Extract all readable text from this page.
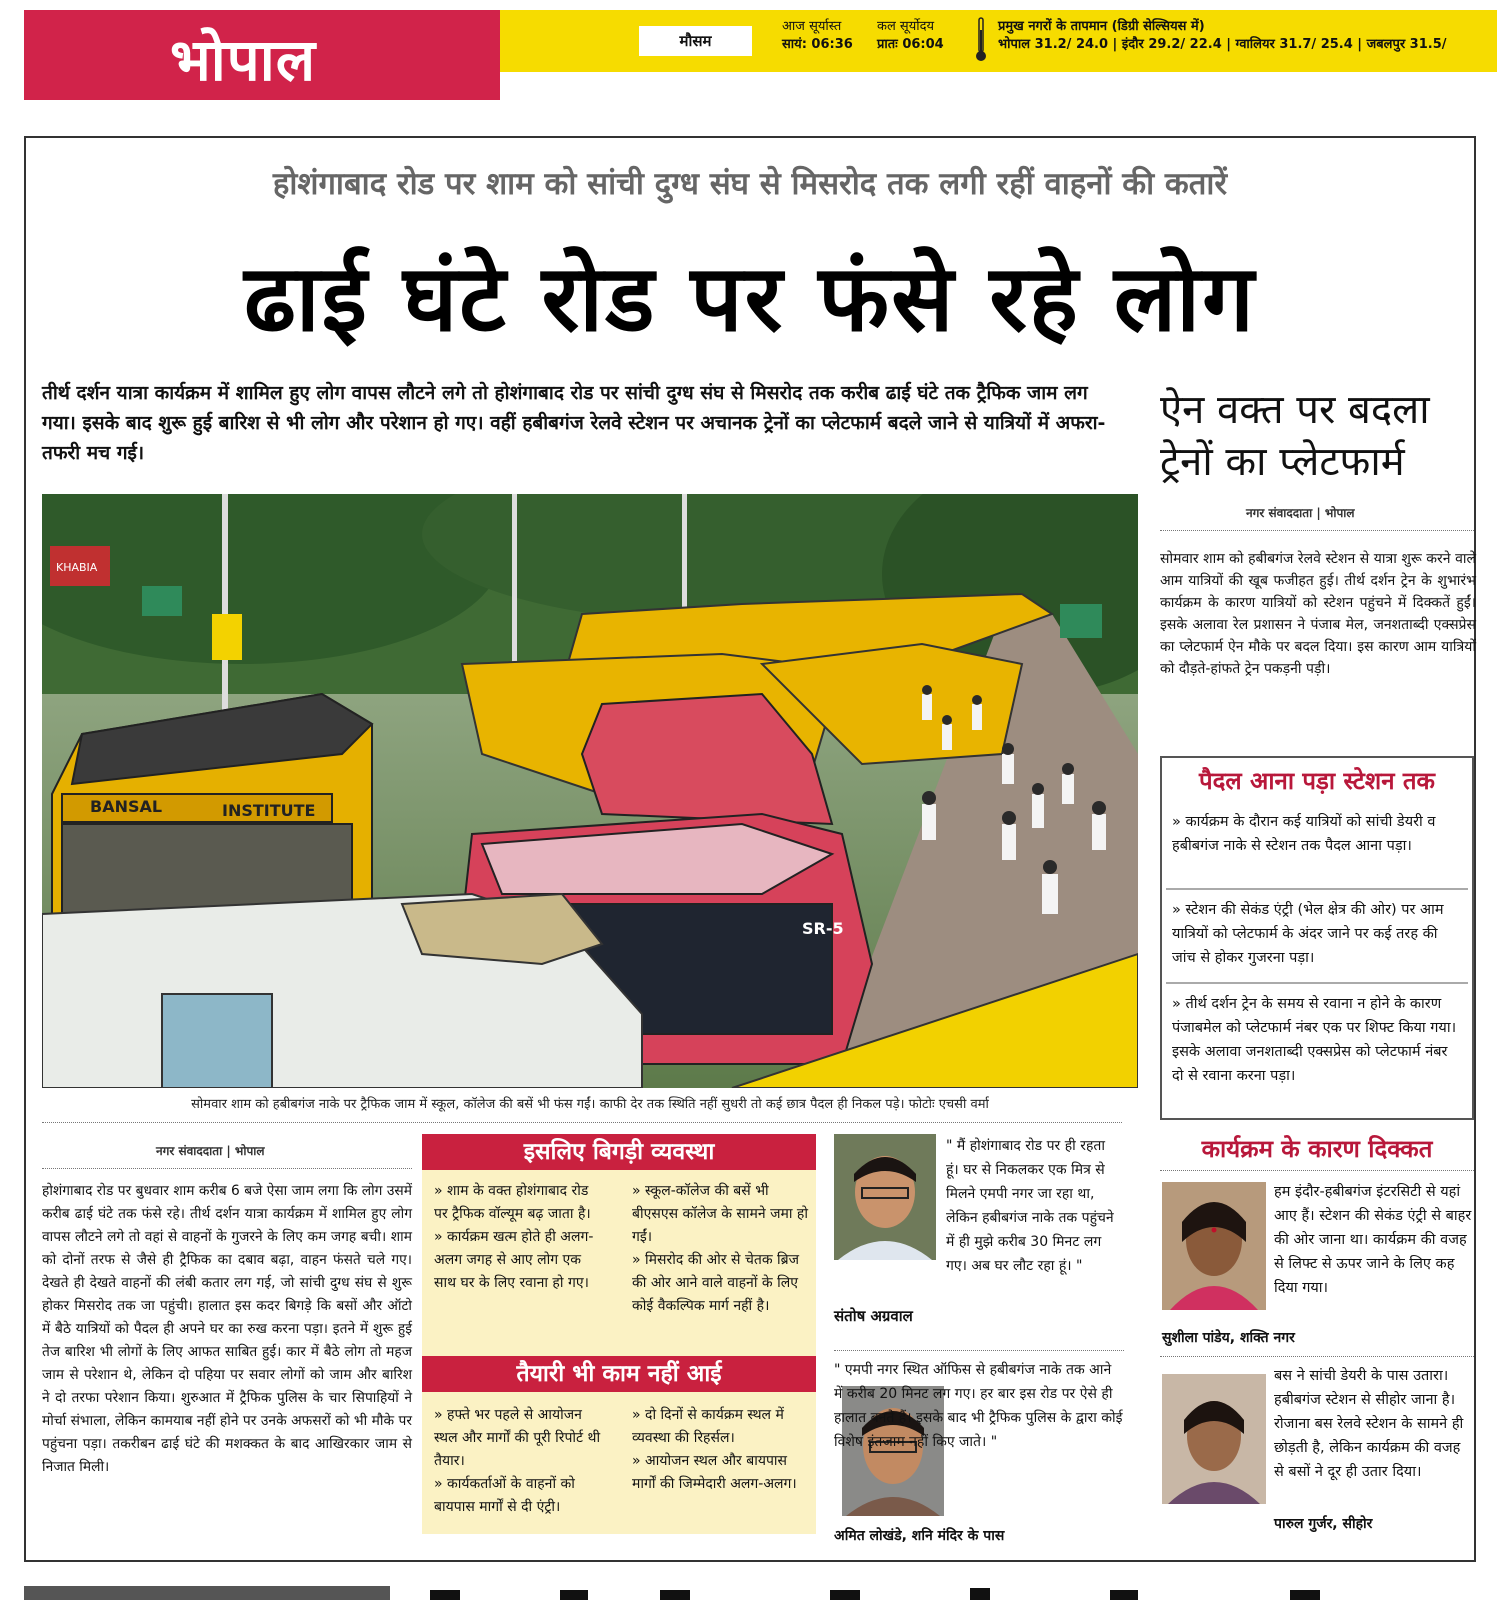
भोपाल	मौसम
आज सूर्यास्त
सायं: 06:36
कल सूर्योदय
प्रातः 06:04
प्रमुख नगरों के तापमान (डिग्री सेल्सियस में)
भोपाल 31.2/ 24.0 | इंदौर 29.2/ 22.4 | ग्वालियर 31.7/ 25.4 | जबलपुर 31.5/
होशंगाबाद रोड पर शाम को सांची दुग्ध संघ से मिसरोद तक लगी रहीं वाहनों की कतारें
ढाई घंटे रोड पर फंसे रहे लोग
तीर्थ दर्शन यात्रा कार्यक्रम में शामिल हुए लोग वापस लौटने लगे तो होशंगाबाद रोड पर सांची दुग्ध संघ से मिसरोद तक करीब ढाई घंटे तक ट्रैफिक जाम लग गया। इसके बाद शुरू हुई बारिश से भी लोग और परेशान हो गए। वहीं हबीबगंज रेलवे स्टेशन पर अचानक ट्रेनों का प्लेटफार्म बदले जाने से यात्रियों में अफरा-तफरी मच गई।
KHABIA
BANSAL	INSTITUTE
SR-5
सोमवार शाम को हबीबगंज नाके पर ट्रैफिक जाम में स्कूल, कॉलेज की बसें भी फंस गईं। काफी देर तक स्थिति नहीं सुधरी तो कई छात्र पैदल ही निकल पड़े। फोटोः एचसी वर्मा
ऐन वक्त पर बदला ट्रेनों का प्लेटफार्म
नगर संवाददाता | भोपाल
सोमवार शाम को हबीबगंज रेलवे स्टेशन से यात्रा शुरू करने वाले आम यात्रियों की खूब फजीहत हुई। तीर्थ दर्शन ट्रेन के शुभारंभ कार्यक्रम के कारण यात्रियों को स्टेशन पहुंचने में दिक्कतें हुईं। इसके अलावा रेल प्रशासन ने पंजाब मेल, जनशताब्दी एक्सप्रेस का प्लेटफार्म ऐन मौके पर बदल दिया। इस कारण आम यात्रियों को दौड़ते-हांफते ट्रेन पकड़नी पड़ी।
पैदल आना पड़ा स्टेशन तक
» कार्यक्रम के दौरान कई यात्रियों को सांची डेयरी व हबीबगंज नाके से स्टेशन तक पैदल आना पड़ा।
» स्टेशन की सेकंड एंट्री (भेल क्षेत्र की ओर) पर आम यात्रियों को प्लेटफार्म के अंदर जाने पर कई तरह की जांच से होकर गुजरना पड़ा।
» तीर्थ दर्शन ट्रेन के समय से रवाना न होने के कारण पंजाबमेल को प्लेटफार्म नंबर एक पर शिफ्ट किया गया। इसके अलावा जनशताब्दी एक्सप्रेस को प्लेटफार्म नंबर दो से रवाना करना पड़ा।
कार्यक्रम के कारण दिक्कत
हम इंदौर-हबीबगंज इंटरसिटी से यहां आए हैं। स्टेशन की सेकंड एंट्री से बाहर की ओर जाना था। कार्यक्रम की वजह से लिफ्ट से ऊपर जाने के लिए कह दिया गया।
सुशीला पांडेय, शक्ति नगर
बस ने सांची डेयरी के पास उतारा। हबीबगंज स्टेशन से सीहोर जाना है। रोजाना बस रेलवे स्टेशन के सामने ही छोड़ती है, लेकिन कार्यक्रम की वजह से बसों ने दूर ही उतार दिया।
पारुल गुर्जर, सीहोर
नगर संवाददाता | भोपाल
होशंगाबाद रोड पर बुधवार शाम करीब 6 बजे ऐसा जाम लगा कि लोग उसमें करीब ढाई घंटे तक फंसे रहे। तीर्थ दर्शन यात्रा कार्यक्रम में शामिल हुए लोग वापस लौटने लगे तो वहां से वाहनों के गुजरने के लिए कम जगह बची। शाम को दोनों तरफ से जैसे ही ट्रैफिक का दबाव बढ़ा, वाहन फंसते चले गए। देखते ही देखते वाहनों की लंबी कतार लग गई, जो सांची दुग्ध संघ से शुरू होकर मिसरोद तक जा पहुंची। हालात इस कदर बिगड़े कि बसों और ऑटो में बैठे यात्रियों को पैदल ही अपने घर का रुख करना पड़ा। इतने में शुरू हुई तेज बारिश भी लोगों के लिए आफत साबित हुई। कार में बैठे लोग तो महज जाम से परेशान थे, लेकिन दो पहिया पर सवार लोगों को जाम और बारिश ने दो तरफा परेशान किया। शुरुआत में ट्रैफिक पुलिस के चार सिपाहियों ने मोर्चा संभाला, लेकिन कामयाब नहीं होने पर उनके अफसरों को भी मौके पर पहुंचना पड़ा। तकरीबन ढाई घंटे की मशक्कत के बाद आखिरकार जाम से निजात मिली।
इसलिए बिगड़ी व्यवस्था
» शाम के वक्त होशंगाबाद रोड पर ट्रैफिक वॉल्यूम बढ़ जाता है।
» कार्यक्रम खत्म होते ही अलग-अलग जगह से आए लोग एक साथ घर के लिए रवाना हो गए।
» स्कूल-कॉलेज की बसें भी बीएसएस कॉलेज के सामने जमा हो गईं।
» मिसरोद की ओर से चेतक ब्रिज की ओर आने वाले वाहनों के लिए कोई वैकल्पिक मार्ग नहीं है।
तैयारी भी काम नहीं आई
» हफ्ते भर पहले से आयोजन स्थल और मार्गों की पूरी रिपोर्ट थी तैयार।
» कार्यकर्ताओं के वाहनों को बायपास मार्गों से दी एंट्री।
» दो दिनों से कार्यक्रम स्थल में व्यवस्था की रिहर्सल।
» आयोजन स्थल और बायपास मार्गों की जिम्मेदारी अलग-अलग।
" मैं होशंगाबाद रोड पर ही रहता हूं। घर से निकलकर एक मित्र से मिलने एमपी नगर जा रहा था, लेकिन हबीबगंज नाके तक पहुंचने में ही मुझे करीब 30 मिनट लग गए। अब घर लौट रहा हूं। "
संतोष अग्रवाल
" एमपी नगर स्थित ऑफिस से हबीबगंज नाके तक आने में करीब 20 मिनट लग गए। हर बार इस रोड पर ऐसे ही हालात बनते हैं। इसके बाद भी ट्रैफिक पुलिस के द्वारा कोई विशेष इंतजाम नहीं किए जाते। "
अमित लोखंडे, शनि मंदिर के पास
